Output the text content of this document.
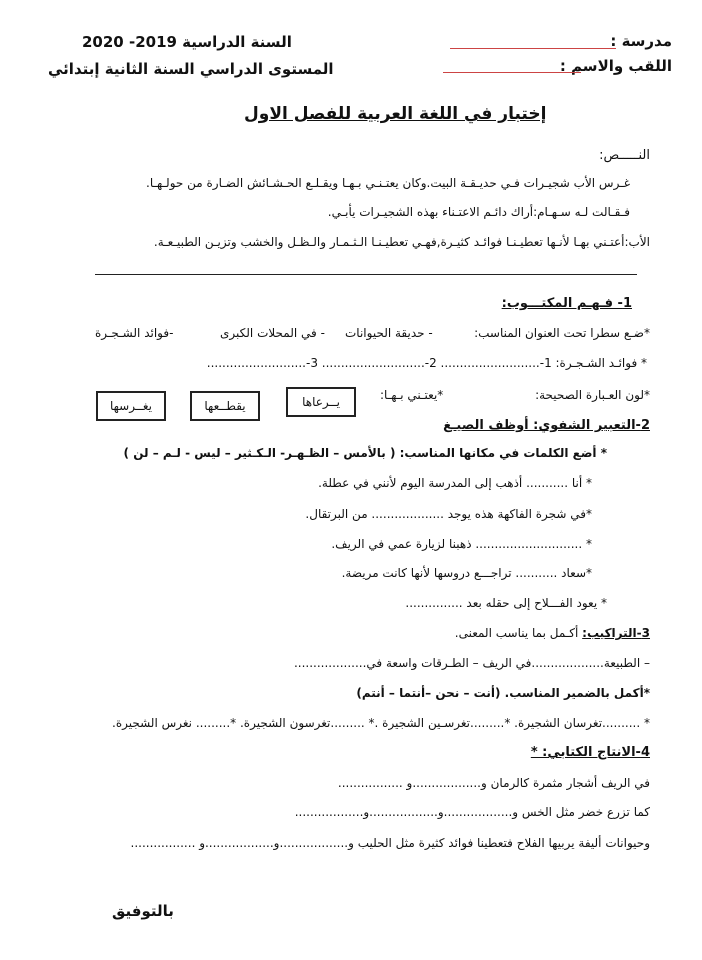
مدرسة :
اللقب والاسم :
السنة الدراسية 2019- 2020
المستوى الدراسي السنة الثانية إبتدائي
إختبار في اللغة العربية للفصل الاول
النـــــص:
غـرس الأب شجيـرات فـي حديـقـة البيت.وكان يعتـنـي بـهـا ويقـلـع الحـشـائش الضـارة من حولـهـا.
فـقـالت لـه سـهـام:أراك دائـم الاعتـناء بهذه الشجيـرات يأبـي.
الأب:أعتـني بهـا لأنـها تعطيـنـا فوائـد كثيـرة,فهـي تعطيـنـا الـثـمـار والـظـل والخشب وتزيـن الطبيـعـة.
1- فـهـم المكتـــوب:
*ضـع سطرا تحت العنوان المناسب:
- حديقة الحيوانات
- في المحلات الكبرى
-فوائد الشـجـرة
* فوائـد الشـجـرة: 1-.......................... 2-........................... 3-..........................
*لون العـبارة الصحيحة:
*يعتـني بـهـا:
يــرعاها
يقطــعها
يغــرسها
2-التعبير الشفوي: أوظف الصيـغ
* أضع الكلمات في مكانها المناسب: ( بالأمس – الظـهـر- الـكـثير – ليس - لـم – لن )
* أنا ........... أذهب إلى المدرسة اليوم لأنني في عطلة.
*في شجرة الفاكهة هذه يوجد ................... من البرتقال.
* ............................ ذهبنا لزيارة عمي في الريف.
*سعاد ........... تراجـــع دروسها لأنها كانت مريضة.
* يعود الفـــلاح إلى حقله بعد ...............
3-التراكيب: أكـمل بما يناسب المعنى.
– الطبيعة...................في الريف – الطـرقات واسعة في...................
*أكمل بالضمير المناسب. (أنت – نحن –أنتما – أنتم)
* ..........تغرسان الشجيرة. *.........تغرسـين الشجيرة .* .........تغرسون الشجيرة. *......... نغرس الشجيرة.
4-الانتاج الكتابي: *
في الريف أشجار مثمرة كالرمان و..................و .................
كما تزرع خضر مثل الخس و..................و..................و..................
وحيوانات أليفة يربيها الفلاح فتعطينا فوائد كثيرة مثل الحليب و..................و..................و .................
بالتوفيق
